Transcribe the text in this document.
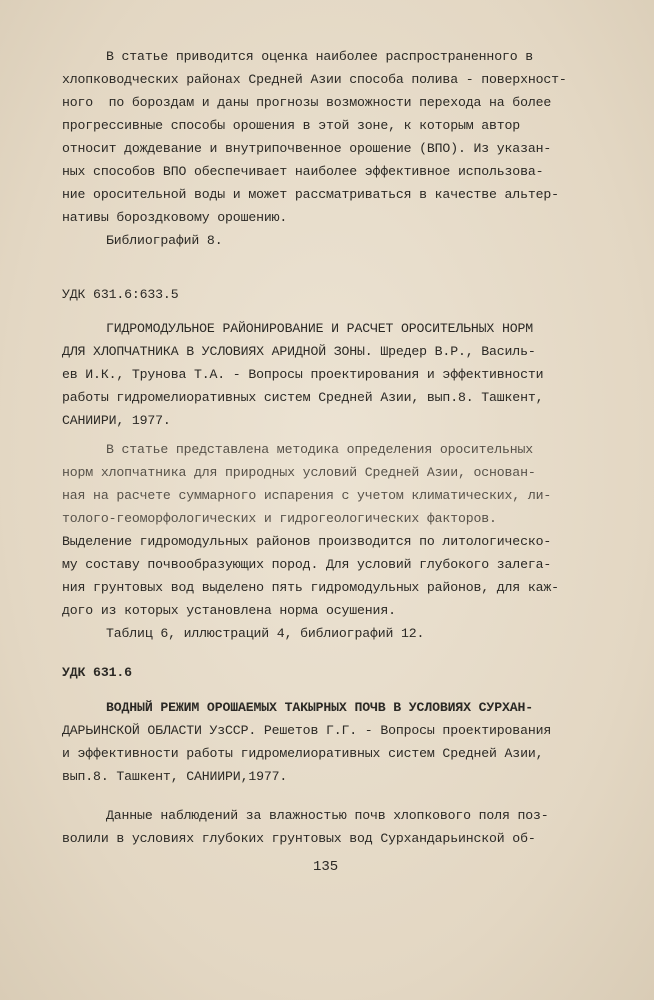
В статье приводится оценка наиболее распространенного в
хлопководческих районах Средней Азии способа полива - поверхност-
ного  по бороздам и даны прогнозы возможности перехода на более
прогрессивные способы орошения в этой зоне, к которым автор
относит дождевание и внутрипочвенное орошение (ВПО). Из указан-
ных способов ВПО обеспечивает наиболее эффективное использова-
ние оросительной воды и может рассматриваться в качестве альтер-
нативы бороздковому орошению.
Библиографий 8.
УДК 631.6:633.5
ГИДРОМОДУЛЬНОЕ РАЙОНИРОВАНИЕ И РАСЧЕТ ОРОСИТЕЛЬНЫХ НОРМ
ДЛЯ ХЛОПЧАТНИКА В УСЛОВИЯХ АРИДНОЙ ЗОНЫ. Шредер В.Р., Василь-
ев И.К., Трунова Т.А. - Вопросы проектирования и эффективности
работы гидромелиоративных систем Средней Азии, вып.8. Ташкент,
САНИИРИ, 1977.
В статье представлена методика определения оросительных
норм хлопчатника для природных условий Средней Азии, основан-
ная на расчете суммарного испарения с учетом климатических, ли-
толого-геоморфологических и гидрогеологических факторов.
Выделение гидромодульных районов производится по литологическо-
му составу почвообразующих пород. Для условий глубокого залега-
ния грунтовых вод выделено пять гидромодульных районов, для каж-
дого из которых установлена норма осушения.
Таблиц 6, иллюстраций 4, библиографий 12.
УДК 631.6
ВОДНЫЙ РЕЖИМ ОРОШАЕМЫХ ТАКЫРНЫХ ПОЧВ В УСЛОВИЯХ СУРХАН-
ДАРЬИНСКОЙ ОБЛАСТИ УзССР. Решетов Г.Г. - Вопросы проектирования
и эффективности работы гидромелиоративных систем Средней Азии,
вып.8. Ташкент, САНИИРИ,1977.
Данные наблюдений за влажностью почв хлопкового поля поз-
волили в условиях глубоких грунтовых вод Сурхандарьинской об-
135
